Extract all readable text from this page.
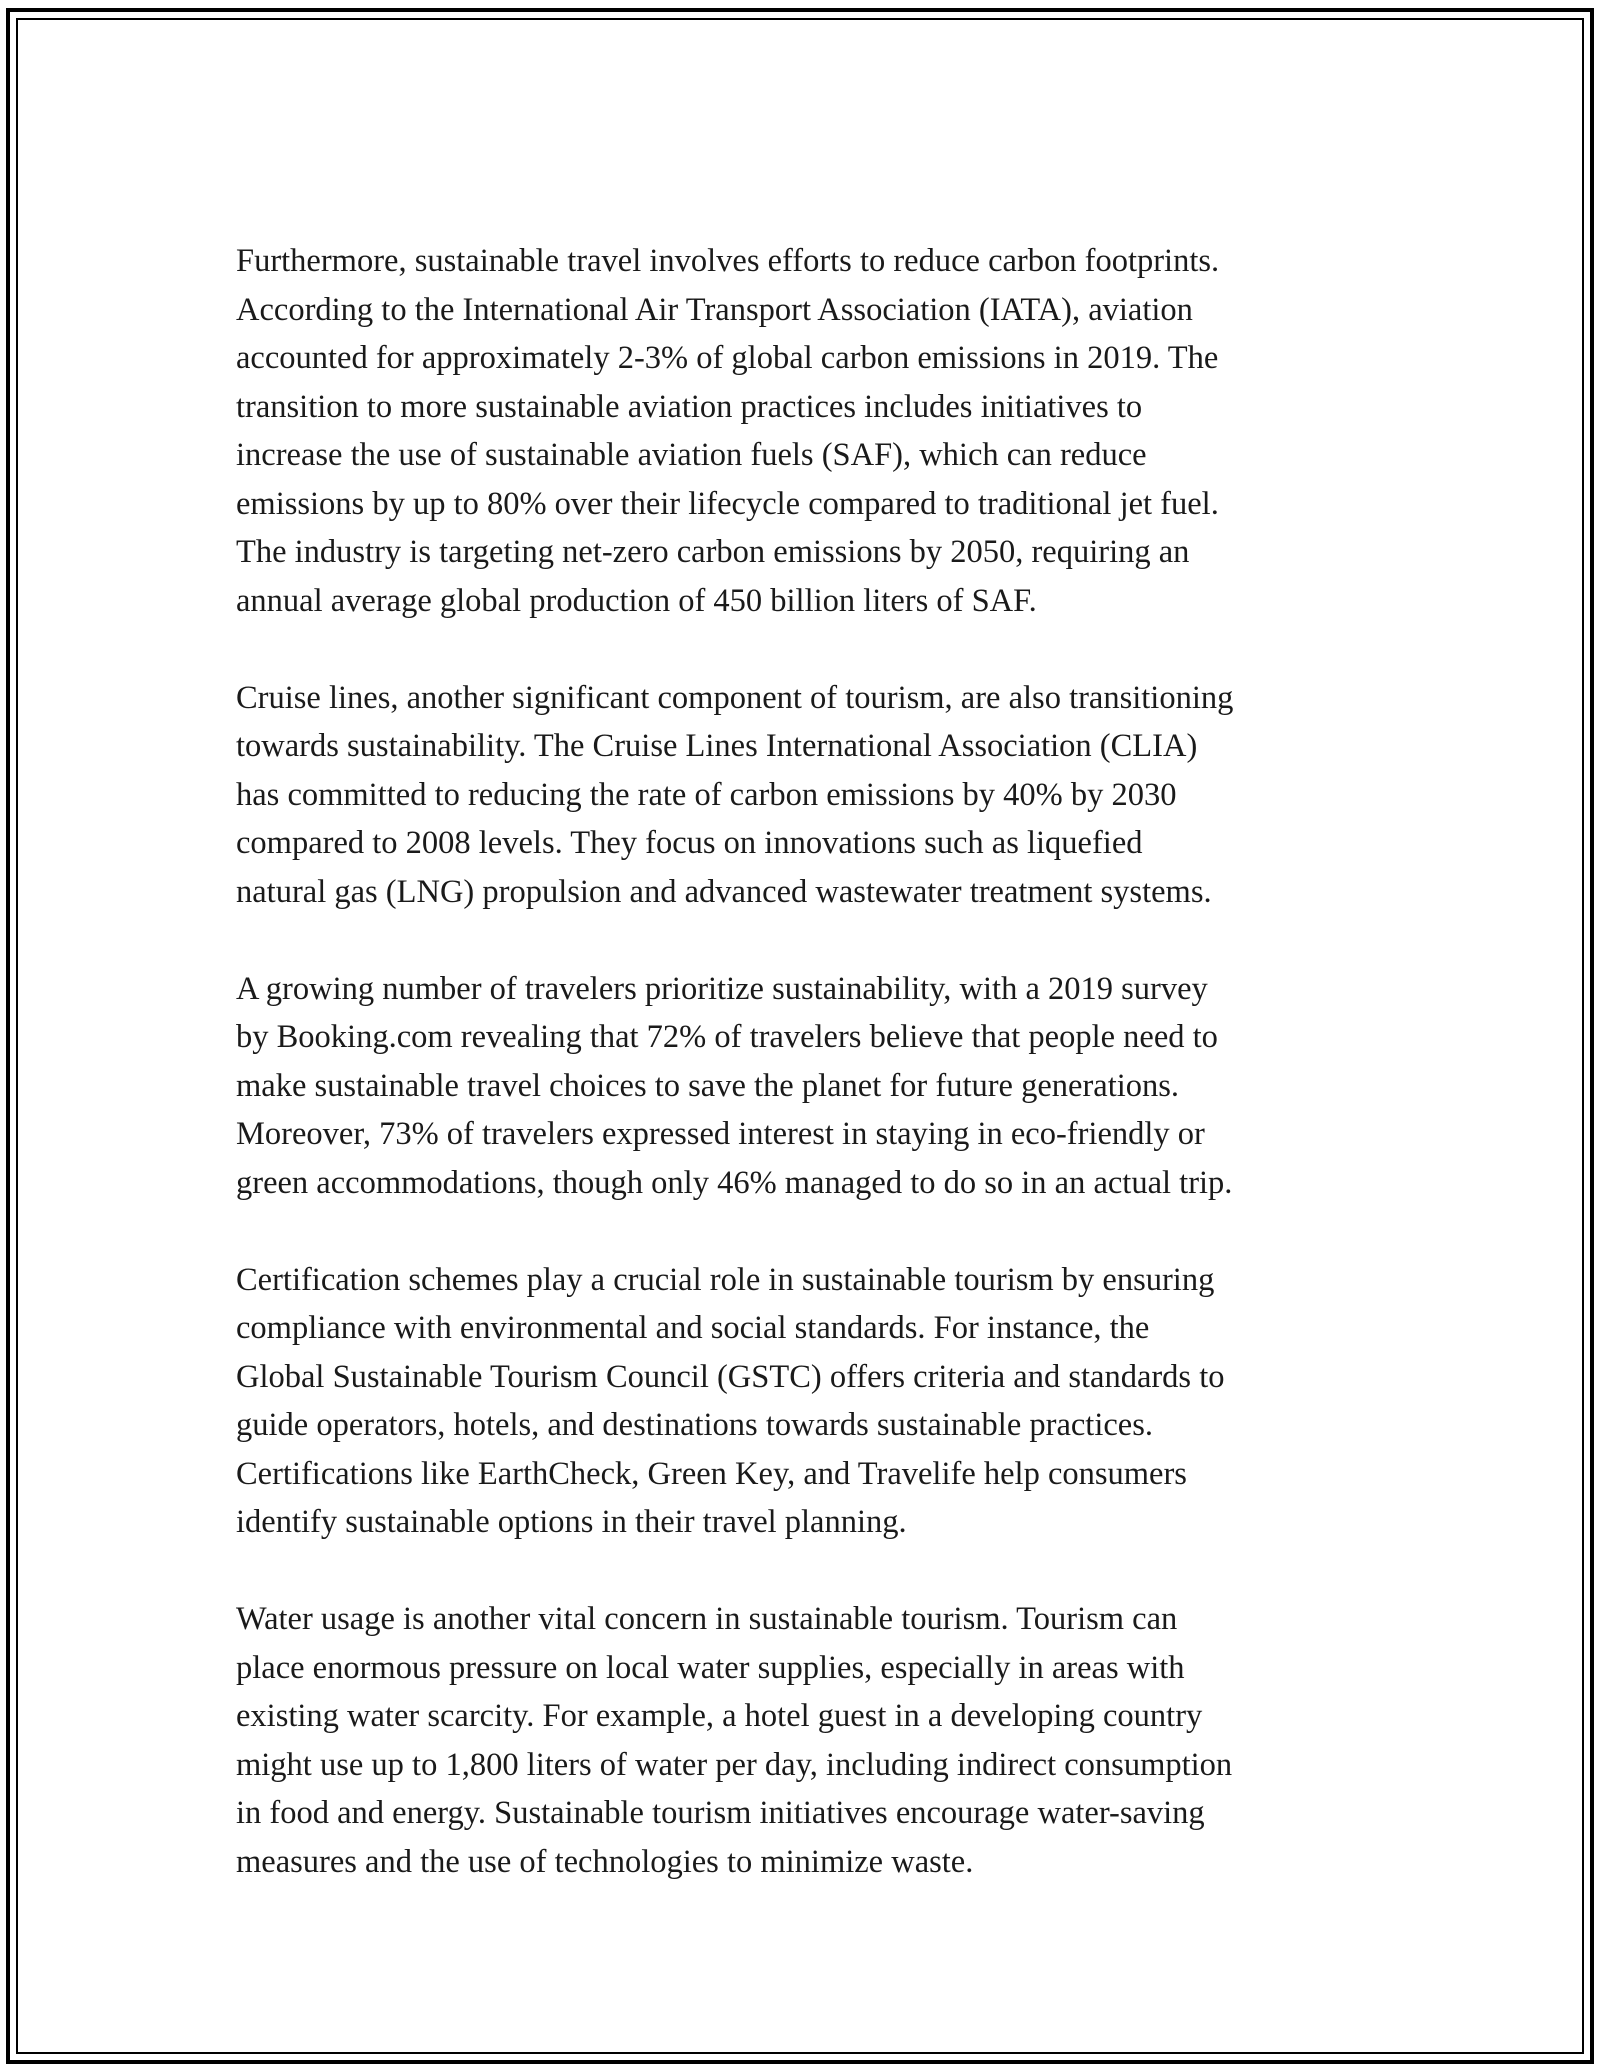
Furthermore, sustainable travel involves efforts to reduce carbon footprints.
According to the International Air Transport Association (IATA), aviation
accounted for approximately 2-3% of global carbon emissions in 2019. The
transition to more sustainable aviation practices includes initiatives to
increase the use of sustainable aviation fuels (SAF), which can reduce
emissions by up to 80% over their lifecycle compared to traditional jet fuel.
The industry is targeting net-zero carbon emissions by 2050, requiring an
annual average global production of 450 billion liters of SAF.

Cruise lines, another significant component of tourism, are also transitioning
towards sustainability. The Cruise Lines International Association (CLIA)
has committed to reducing the rate of carbon emissions by 40% by 2030
compared to 2008 levels. They focus on innovations such as liquefied
natural gas (LNG) propulsion and advanced wastewater treatment systems.

A growing number of travelers prioritize sustainability, with a 2019 survey
by Booking.com revealing that 72% of travelers believe that people need to
make sustainable travel choices to save the planet for future generations.
Moreover, 73% of travelers expressed interest in staying in eco-friendly or
green accommodations, though only 46% managed to do so in an actual trip.

Certification schemes play a crucial role in sustainable tourism by ensuring
compliance with environmental and social standards. For instance, the
Global Sustainable Tourism Council (GSTC) offers criteria and standards to
guide operators, hotels, and destinations towards sustainable practices.
Certifications like EarthCheck, Green Key, and Travelife help consumers
identify sustainable options in their travel planning.

Water usage is another vital concern in sustainable tourism. Tourism can
place enormous pressure on local water supplies, especially in areas with
existing water scarcity. For example, a hotel guest in a developing country
might use up to 1,800 liters of water per day, including indirect consumption
in food and energy. Sustainable tourism initiatives encourage water-saving
measures and the use of technologies to minimize waste.
